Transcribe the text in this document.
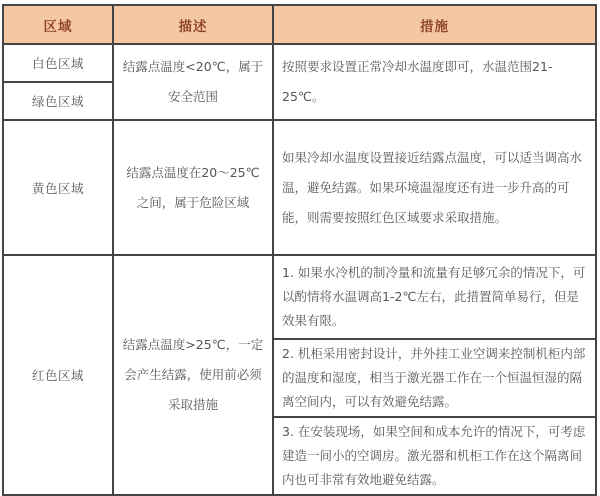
区域	描述	措施
白色区域	结露点温度<20℃，属于安全范围	按照要求设置正常冷却水温度即可，水温范围21-25℃。
绿色区域		
黄色区域	结露点温度在20～25℃之间，属于危险区域	如果冷却水温度设置接近结露点温度，可以适当调高水温，避免结露。如果环境温湿度还有进一步升高的可能，则需要按照红色区域要求采取措施。
红色区域	结露点温度>25℃，一定会产生结露，使用前必须采取措施	1. 如果水冷机的制冷量和流量有足够冗余的情况下，可以酌情将水温调高1-2℃左右，此措置简单易行，但是效果有限。
		2. 机柜采用密封设计，并外挂工业空调来控制机柜内部的温度和湿度，相当于激光器工作在一个恒温恒湿的隔离空间内，可以有效避免结露。
		3. 在安装现场，如果空间和成本允许的情况下，可考虑建造一间小的空调房。激光器和机柜工作在这个隔离间内也可非常有效地避免结露。
